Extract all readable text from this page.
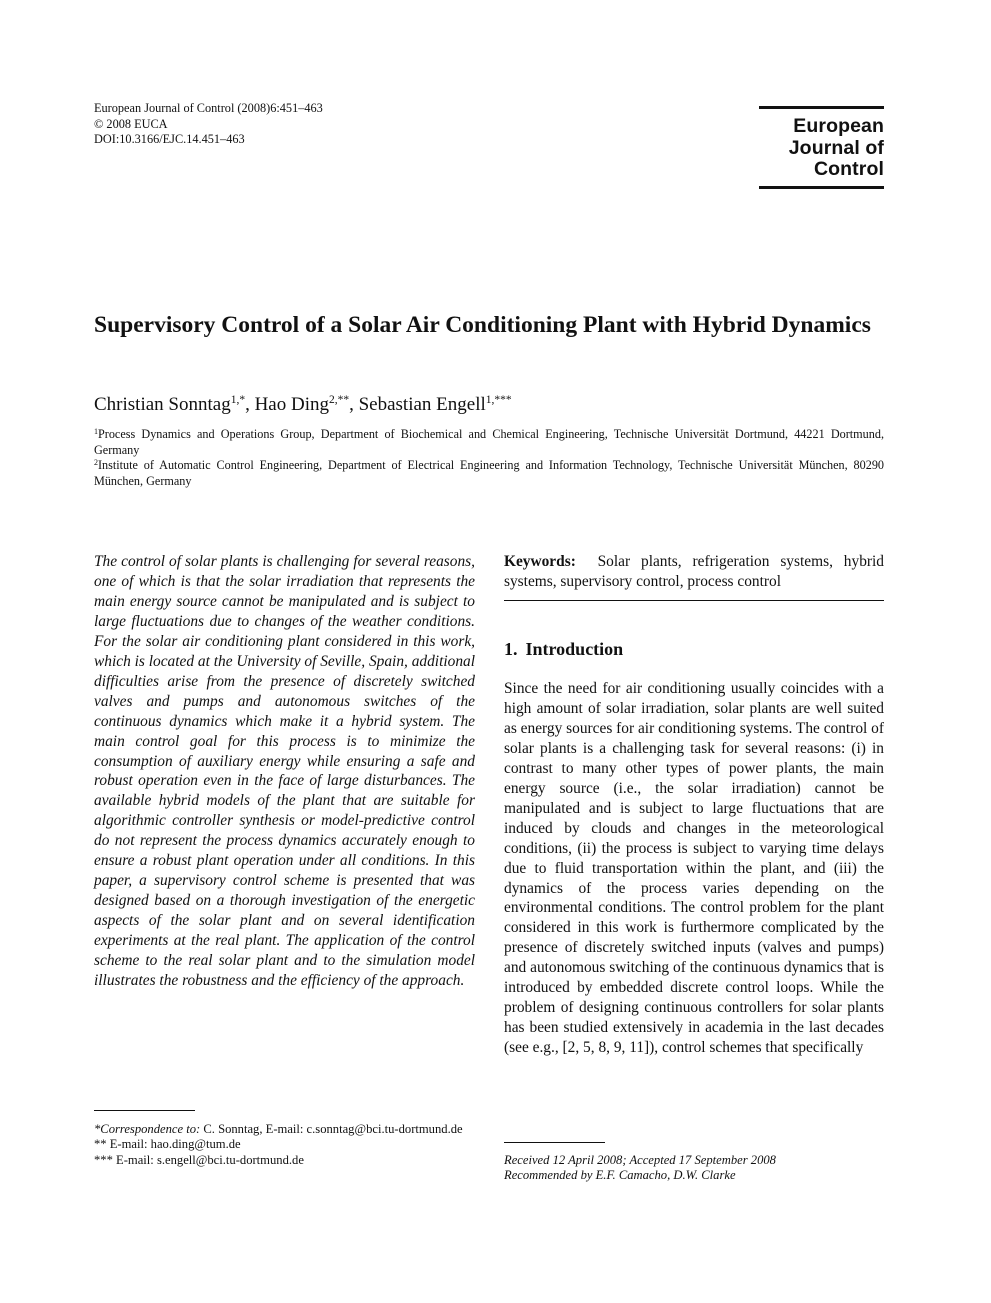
European Journal of Control (2008)6:451–463
© 2008 EUCA
DOI:10.3166/EJC.14.451–463
European
Journal of
Control
Supervisory Control of a Solar Air Conditioning Plant with Hybrid Dynamics
Christian Sonntag$^{1,*}$, Hao Ding$^{2,**}$, Sebastian Engell$^{1,***}$

$^1$Process Dynamics and Operations Group, Department of Biochemical and Chemical Engineering, Technische Universität Dortmund, 44221 Dortmund, Germany

$^2$Institute of Automatic Control Engineering, Department of Electrical Engineering and Information Technology, Technische Universität München, 80290 München, Germany

The control of solar plants is challenging for several reasons, one of which is that the solar irradiation that represents the main energy source cannot be manipulated and is subject to large fluctuations due to changes of the weather conditions. For the solar air conditioning plant considered in this work, which is located at the University of Seville, Spain, additional difficulties arise from the presence of discretely switched valves and pumps and autonomous switches of the continuous dynamics which make it a hybrid system. The main control goal for this process is to minimize the consumption of auxiliary energy while ensuring a safe and robust operation even in the face of large disturbances. The available hybrid models of the plant that are suitable for algorithmic controller synthesis or model-predictive control do not represent the process dynamics accurately enough to ensure a robust plant operation under all conditions. In this paper, a supervisory control scheme is presented that was designed based on a thorough investigation of the energetic aspects of the solar plant and on several identification experiments at the real plant. The application of the control scheme to the real solar plant and to the simulation model illustrates the robustness and the efficiency of the approach.

*Correspondence to: C. Sonntag, E-mail: c.sonntag@bci.tu-dortmund.de

** E-mail: hao.ding@tum.de

*** E-mail: s.engell@bci.tu-dortmund.de

Keywords: Solar plants, refrigeration systems, hybrid systems, supervisory control, process control

1. Introduction

Since the need for air conditioning usually coincides with a high amount of solar irradiation, solar plants are well suited as energy sources for air conditioning systems. The control of solar plants is a challenging task for several reasons: (i) in contrast to many other types of power plants, the main energy source (i.e., the solar irradiation) cannot be manipulated and is subject to large fluctuations that are induced by clouds and changes in the meteorological conditions, (ii) the process is subject to varying time delays due to fluid transportation within the plant, and (iii) the dynamics of the process varies depending on the environmental conditions. The control problem for the plant considered in this work is furthermore complicated by the presence of discretely switched inputs (valves and pumps) and autonomous switching of the continuous dynamics that is introduced by embedded discrete control loops. While the problem of designing continuous controllers for solar plants has been studied extensively in academia in the last decades (see e.g., [2, 5, 8, 9, 11]), control schemes that specifically

Received 12 April 2008; Accepted 17 September 2008

Recommended by E.F. Camacho, D.W. Clarke
